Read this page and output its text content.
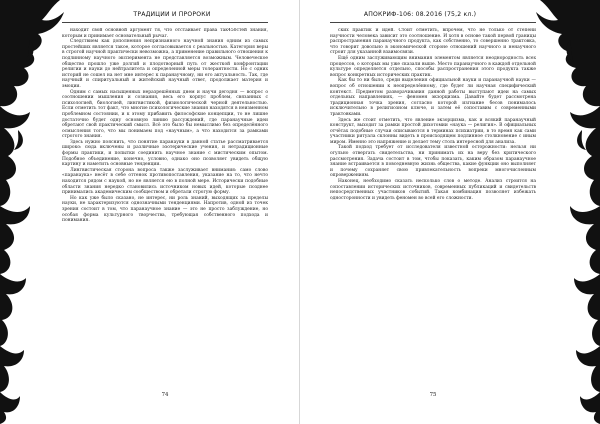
ТРАДИЦИИ И ПРОРОКИ

находит свой основной аргумент тя, что отстаивает права так450стей знания, которым и принимает основательный рычаг.

Следствием как дополнения непризнанного научной знания одним из самых простейших является такое, которое согласовывается с реальностью. Категория веры в строгой научной практически невозможна, а применение правильного отношения к подлинному научного эксперимента не представляется возможным. Человеческое общество прошло уже долгий и плодотворный путь от жесткой конфронтации религии и науки до нейтралитета и определенной меры толерантности. Но с одних историй не сошел на нет мне интерес к паранаучному, ни его актуальность. Так, где научный и спиритуальный и житейский научный ответ, продолжает материя и эмоции.

Одним с самых насыщенных неразрешённых днем и научи дегодня — вопрос о соотношении мышления и сознания, весь его корпус проблем, связанных с психологией, биологией, лингвистикой, физиологической черной деятельностью. Если отметить тот факт, что многие психологические знания находятся в неизменном проблемном состоянии, и к этому прибавить философские концепции, то не лишне достаточно будет одну основную линию рассуждений, где паранаучные идеи обретают свой практический смысл. Всё это было бы немыслимо без определённого осмысления того, что мы понимаем под «научным», а что находится за рамками строгого знания.

Здесь нужно пояснить, что понятие паранауки в данной статье рассматривается широко: сюда включены и различные эзотерические учения, и нетрадиционные формы практики, и попытки соединить научное знание с мистическим опытом. Подобное объединение, конечно, условно, однако оно позволяет увидеть общую картину и наметить основные тенденции.

Лингвистическая сторона вопроса также заслуживает внимания: само слово «паранаука» несёт в себе оттенок противопоставления, указание на то, что нечто находится рядом с наукой, но не является ею в полной мере. Исторически подобные области знания нередко становились источником новых идей, которые позднее принимались академическим сообществом и обретали строгую форму.

Но как уже было сказано, не интерес, ни роль знаний, выходящих за пределы науки, не характеризуются однозначными тенденциями. Напротив, одной из точек зрения состоит в том, что паранаучное знание — это не просто заблуждение, но особая форма культурного творчества, требующая собственного подхода и понимания.

74
АПОКРИФ-106: 08.2016 (75,2 кл.)

ских практик и идей. Стоит отметить, впрочем, что не только от степени научности человека зависит это соотношение. И хотя в основе такой первой границы распространения паранаучного продукта, как собственно, то совершенно трактовка, что говорит довольно в экономической стороне отношений научного и ненаучного строит для указанной взаимосвязи.

Ещё одним заслуживающим внимания элементом является неоднородность всех процессов, о которых мы уже сказали выше. Место паранаучного в каждой отдельной культуре определяется отдельно, способы распространения этого продукта также вопрос конкретных исторических практик.

Как бы то ни было, среди выделения официальной науки и паранаучной науки — вопрос об отношении к неопределённому, где будет ли научная специфический контекст. Предметом разворачивания данной работы выступают идеи на самых отдельных направлениях, — феномен экзорцизма. Давайте будет рассмотрена традиционная точка зрения, согласно которой изгнание бесов понималось исключительно в религиозном ключе, и затем её сопоставим с современными трактовками.

Здесь же стоит отметить, что явление экзорцизма, как и всякий паранаучный конструкт, выходит за рамки простой дихотомии «наука — религия». В официальных отчётах подобные случаи описываются в терминах психиатрии, в то время как сами участники ритуала склонны видеть в происходящем подлинное столкновение с иным миром. Именно это напряжение и делает тему столь интересной для анализа.

Такой подход требует от исследователя известной осторожности: нельзя ни огульно отвергать свидетельства, ни принимать их на веру без критического рассмотрения. Задача состоит в том, чтобы показать, каким образом паранаучное знание встраивается в повседневную жизнь общества, какие функции оно выполняет и почему сохраняет свою привлекательность вопреки многочисленным опровержениям.

Наконец, необходимо сказать несколько слов о методе. Анализ строится на сопоставлении исторических источников, современных публикаций и свидетельств непосредственных участников событий. Такая комбинация позволяет избежать односторонности и увидеть феномен во всей его сложности.

75
